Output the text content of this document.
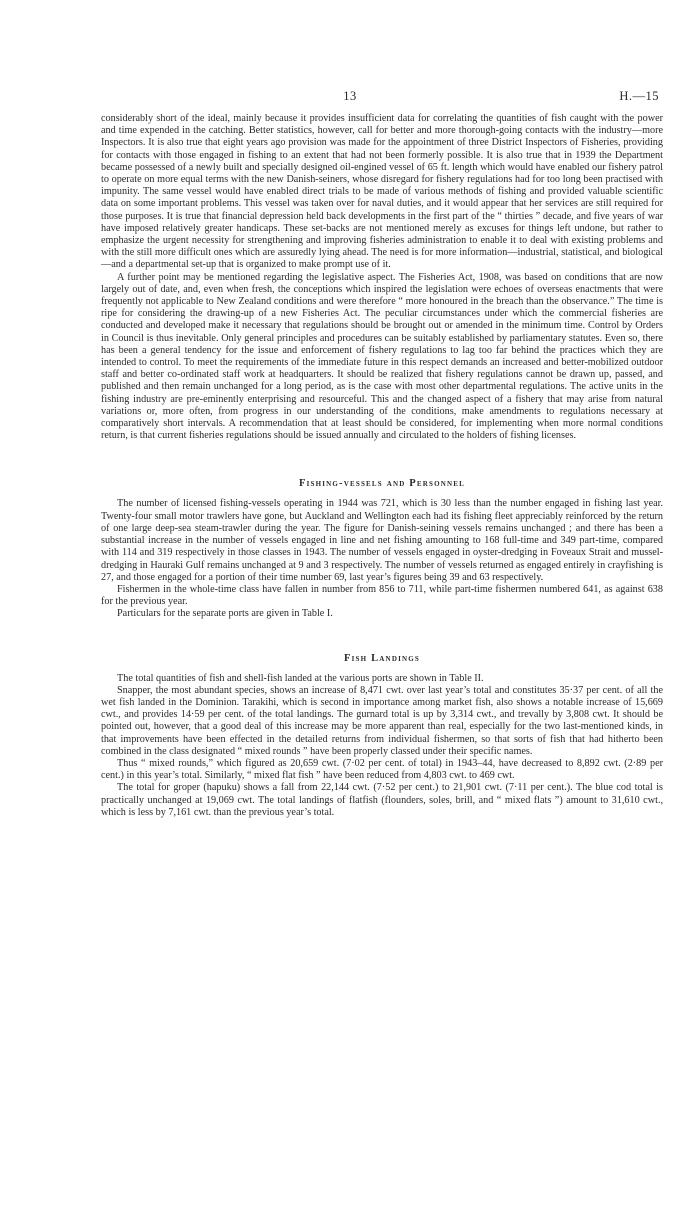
13	H.—15

considerably short of the ideal, mainly because it provides insufficient data for correlating the quantities of fish caught with the power and time expended in the catching. Better statistics, however, call for better and more thorough-going contacts with the industry—more Inspectors. It is also true that eight years ago provision was made for the appointment of three District Inspectors of Fisheries, providing for contacts with those engaged in fishing to an extent that had not been formerly possible. It is also true that in 1939 the Department became possessed of a newly built and specially designed oil-engined vessel of 65 ft. length which would have enabled our fishery patrol to operate on more equal terms with the new Danish-seiners, whose disregard for fishery regulations had for too long been practised with impunity. The same vessel would have enabled direct trials to be made of various methods of fishing and provided valuable scientific data on some important problems. This vessel was taken over for naval duties, and it would appear that her services are still required for those purposes. It is true that financial depression held back developments in the first part of the “ thirties ” decade, and five years of war have imposed relatively greater handicaps. These set-backs are not mentioned merely as excuses for things left undone, but rather to emphasize the urgent necessity for strengthening and improving fisheries administration to enable it to deal with existing problems and with the still more difficult ones which are assuredly lying ahead. The need is for more information—industrial, statistical, and biological—and a departmental set-up that is organized to make prompt use of it.

A further point may be mentioned regarding the legislative aspect. The Fisheries Act, 1908, was based on conditions that are now largely out of date, and, even when fresh, the conceptions which inspired the legislation were echoes of overseas enactments that were frequently not applicable to New Zealand conditions and were therefore “ more honoured in the breach than the observance.” The time is ripe for considering the drawing-up of a new Fisheries Act. The peculiar circumstances under which the commercial fisheries are conducted and developed make it necessary that regulations should be brought out or amended in the minimum time. Control by Orders in Council is thus inevitable. Only general principles and procedures can be suitably established by parliamentary statutes. Even so, there has been a general tendency for the issue and enforcement of fishery regulations to lag too far behind the practices which they are intended to control. To meet the requirements of the immediate future in this respect demands an increased and better-mobilized outdoor staff and better co-ordinated staff work at headquarters. It should be realized that fishery regulations cannot be drawn up, passed, and published and then remain unchanged for a long period, as is the case with most other departmental regulations. The active units in the fishing industry are pre-eminently enterprising and resourceful. This and the changed aspect of a fishery that may arise from natural variations or, more often, from progress in our understanding of the conditions, make amendments to regulations necessary at comparatively short intervals. A recommendation that at least should be considered, for implementing when more normal conditions return, is that current fisheries regulations should be issued annually and circulated to the holders of fishing licenses.

Fishing-vessels and Personnel

The number of licensed fishing-vessels operating in 1944 was 721, which is 30 less than the number engaged in fishing last year. Twenty-four small motor trawlers have gone, but Auckland and Wellington each had its fishing fleet appreciably reinforced by the return of one large deep-sea steam-trawler during the year. The figure for Danish-seining vessels remains unchanged ; and there has been a substantial increase in the number of vessels engaged in line and net fishing amounting to 168 full-time and 349 part-time, compared with 114 and 319 respectively in those classes in 1943. The number of vessels engaged in oyster-dredging in Foveaux Strait and mussel-dredging in Hauraki Gulf remains unchanged at 9 and 3 respectively. The number of vessels returned as engaged entirely in crayfishing is 27, and those engaged for a portion of their time number 69, last year’s figures being 39 and 63 respectively.

Fishermen in the whole-time class have fallen in number from 856 to 711, while part-time fishermen numbered 641, as against 638 for the previous year.

Particulars for the separate ports are given in Table I.

Fish Landings

The total quantities of fish and shell-fish landed at the various ports are shown in Table II.

Snapper, the most abundant species, shows an increase of 8,471 cwt. over last year’s total and constitutes 35·37 per cent. of all the wet fish landed in the Dominion. Tarakihi, which is second in importance among market fish, also shows a notable increase of 15,669 cwt., and provides 14·59 per cent. of the total landings. The gurnard total is up by 3,314 cwt., and trevally by 3,808 cwt. It should be pointed out, however, that a good deal of this increase may be more apparent than real, especially for the two last-mentioned kinds, in that improvements have been effected in the detailed returns from individual fishermen, so that sorts of fish that had hitherto been combined in the class designated “ mixed rounds ” have been properly classed under their specific names.

Thus “ mixed rounds,” which figured as 20,659 cwt. (7·02 per cent. of total) in 1943–44, have decreased to 8,892 cwt. (2·89 per cent.) in this year’s total. Similarly, “ mixed flat fish ” have been reduced from 4,803 cwt. to 469 cwt.

The total for groper (hapuku) shows a fall from 22,144 cwt. (7·52 per cent.) to 21,901 cwt. (7·11 per cent.). The blue cod total is practically unchanged at 19,069 cwt. The total landings of flatfish (flounders, soles, brill, and “ mixed flats ”) amount to 31,610 cwt., which is less by 7,161 cwt. than the previous year’s total.
